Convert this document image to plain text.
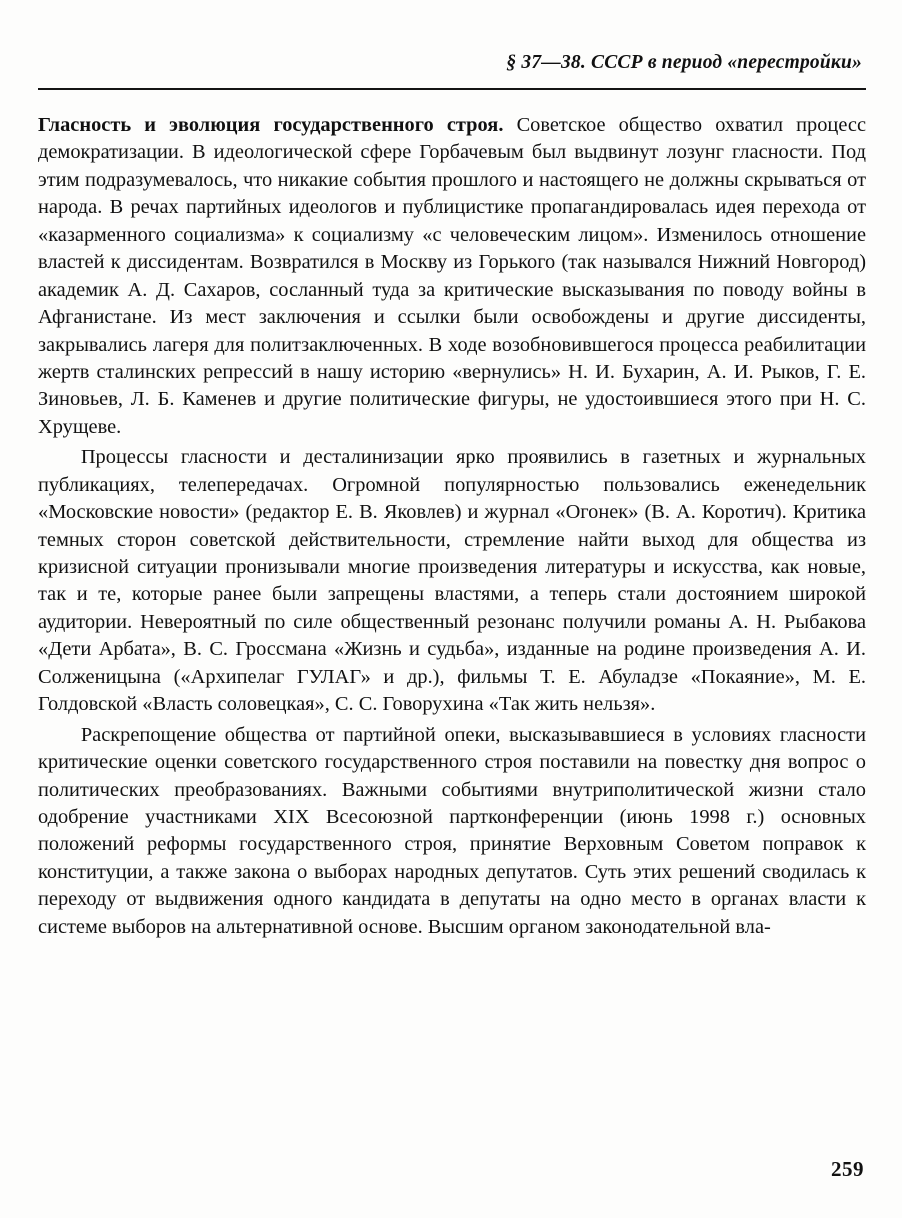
§ 37—38. СССР в период «перестройки»

Гласность и эволюция государственного строя. Советское общество охватил процесс демократизации. В идеологической сфере Горбачевым был выдвинут лозунг гласности. Под этим подразумевалось, что никакие события прошлого и настоящего не должны скрываться от народа. В речах партийных идеологов и публицистике пропагандировалась идея перехода от «казарменного социализма» к социализму «с человеческим лицом». Изменилось отношение властей к диссидентам. Возвратился в Москву из Горького (так назывался Нижний Новгород) академик А. Д. Сахаров, сосланный туда за критические высказывания по поводу войны в Афганистане. Из мест заключения и ссылки были освобождены и другие диссиденты, закрывались лагеря для политзаключенных. В ходе возобновившегося процесса реабилитации жертв сталинских репрессий в нашу историю «вернулись» Н. И. Бухарин, А. И. Рыков, Г. Е. Зиновьев, Л. Б. Каменев и другие политические фигуры, не удостоившиеся этого при Н. С. Хрущеве.

Процессы гласности и десталинизации ярко проявились в газетных и журнальных публикациях, телепередачах. Огромной популярностью пользовались еженедельник «Московские новости» (редактор Е. В. Яковлев) и журнал «Огонек» (В. А. Коротич). Критика темных сторон советской действительности, стремление найти выход для общества из кризисной ситуации пронизывали многие произведения литературы и искусства, как новые, так и те, которые ранее были запрещены властями, а теперь стали достоянием широкой аудитории. Невероятный по силе общественный резонанс получили романы А. Н. Рыбакова «Дети Арбата», В. С. Гроссмана «Жизнь и судьба», изданные на родине произведения А. И. Солженицына («Архипелаг ГУЛАГ» и др.), фильмы Т. Е. Абуладзе «Покаяние», М. Е. Голдовской «Власть соловецкая», С. С. Говорухина «Так жить нельзя».

Раскрепощение общества от партийной опеки, высказывавшиеся в условиях гласности критические оценки советского государственного строя поставили на повестку дня вопрос о политических преобразованиях. Важными событиями внутриполитической жизни стало одобрение участниками XIX Всесоюзной партконференции (июнь 1998 г.) основных положений реформы государственного строя, принятие Верховным Советом поправок к конституции, а также закона о выборах народных депутатов. Суть этих решений сводилась к переходу от выдвижения одного кандидата в депутаты на одно место в органах власти к системе выборов на альтернативной основе. Высшим органом законодательной вла-

259
